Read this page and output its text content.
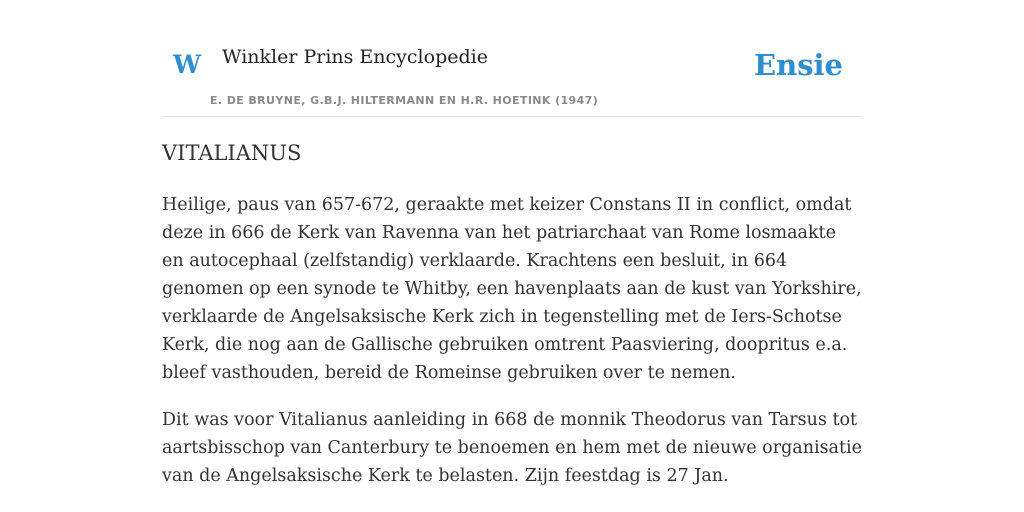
W Winkler Prins Encyclopedie
E. DE BRUYNE, G.B.J. HILTERMANN EN H.R. HOETINK (1947)
Ensie
VITALIANUS

Heilige, paus van 657-672, geraakte met keizer Constans II in conflict, omdat deze in 666 de Kerk van Ravenna van het patriarchaat van Rome losmaakte en autocephaal (zelfstandig) verklaarde. Krachtens een besluit, in 664 genomen op een synode te Whitby, een havenplaats aan de kust van Yorkshire, verklaarde de Angelsaksische Kerk zich in tegenstelling met de Iers-Schotse Kerk, die nog aan de Gallische gebruiken omtrent Paasviering, doopritus e.a. bleef vasthouden, bereid de Romeinse gebruiken over te nemen.

Dit was voor Vitalianus aanleiding in 668 de monnik Theodorus van Tarsus tot aartsbisschop van Canterbury te benoemen en hem met de nieuwe organisatie van de Angelsaksische Kerk te belasten. Zijn feestdag is 27 Jan.
